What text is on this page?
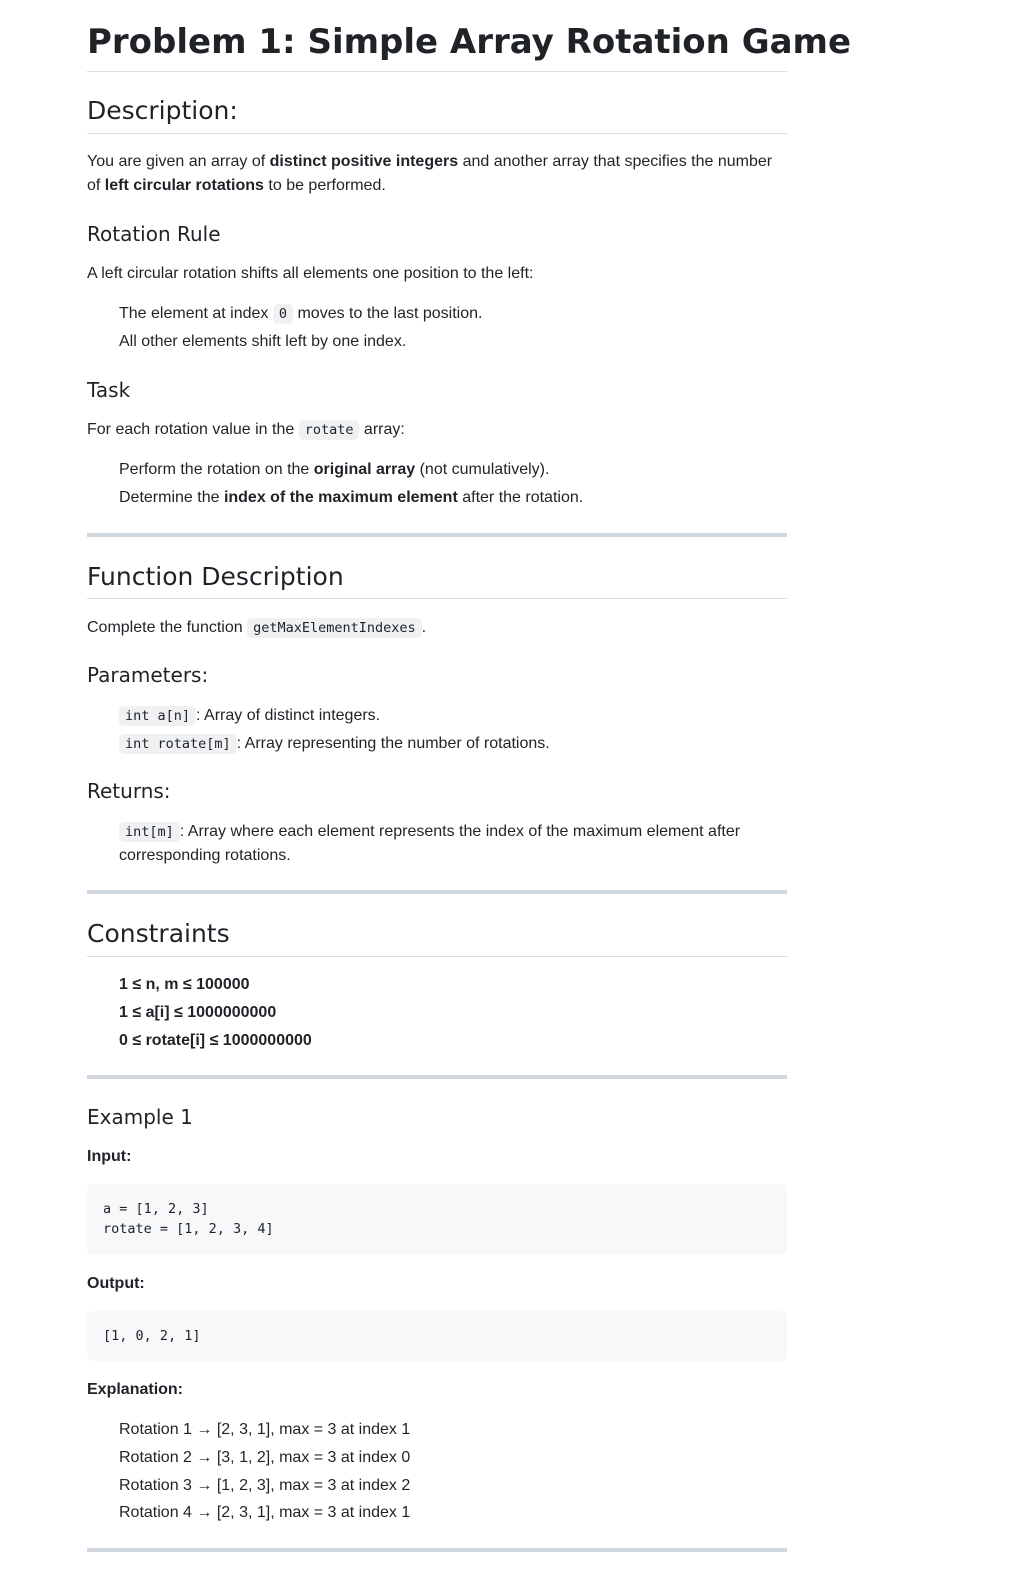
Problem 1: Simple Array Rotation Game
Description:

You are given an array of distinct positive integers and another array that specifies the number
of left circular rotations to be performed.

Rotation Rule

A left circular rotation shifts all elements one position to the left:

The element at index 0 moves to the last position.
All other elements shift left by one index.
Task
For each rotation value in the rotate array:
Perform the rotation on the original array (not cumulatively).
Determine the index of the maximum element after the rotation.
Function Description
Complete the function getMaxElementIndexes .
Parameters:
int a[n] : Array of distinct integers.
int rotate[m] : Array representing the number of rotations.
Returns:
int[m] : Array where each element represents the index of the maximum element after
corresponding rotations.
Constraints
1 ≤ n, m ≤ 100000
1 ≤ a[i] ≤ 1000000000
0 ≤ rotate[i] ≤ 1000000000
Example 1
Input:
a = [1, 2, 3]
rotate = [1, 2, 3, 4]
Output:
[1, 0, 2, 1]
Explanation:
Rotation 1 → [2, 3, 1], max = 3 at index 1
Rotation 2 → [3, 1, 2], max = 3 at index 0
Rotation 3 → [1, 2, 3], max = 3 at index 2
Rotation 4 → [2, 3, 1], max = 3 at index 1
